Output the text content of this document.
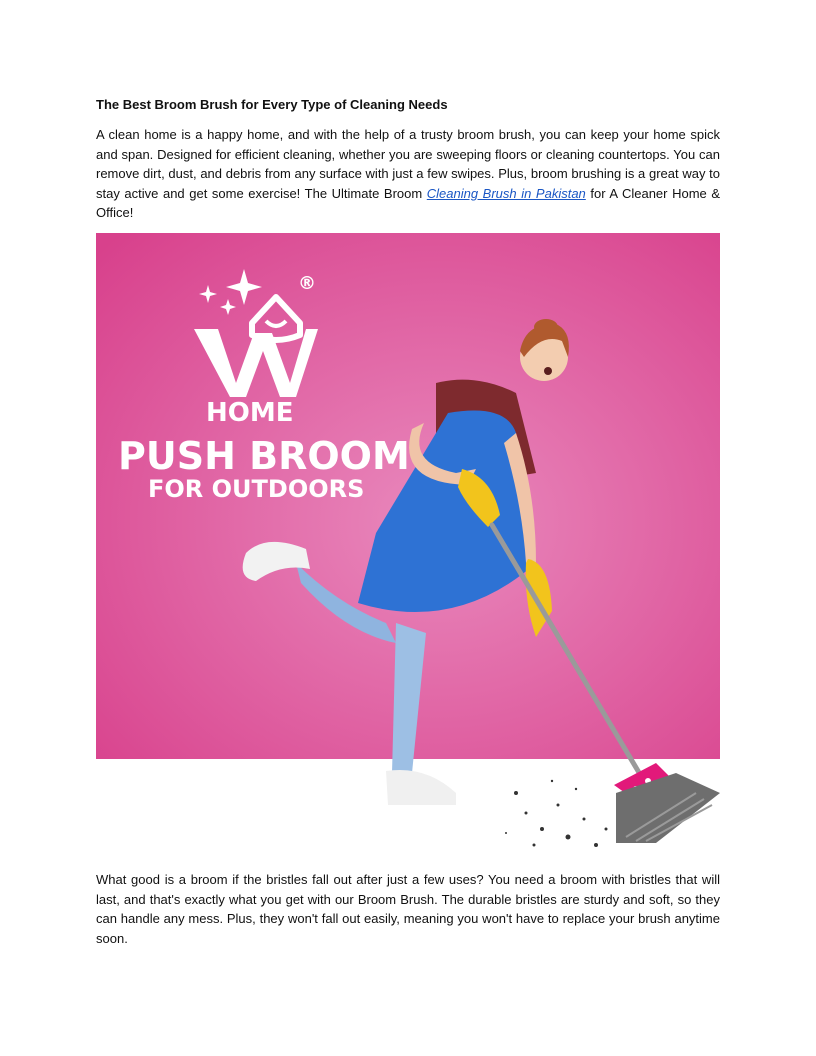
The Best Broom Brush for Every Type of Cleaning Needs

A clean home is a happy home, and with the help of a trusty broom brush, you can keep your home spick and span. Designed for efficient cleaning, whether you are sweeping floors or cleaning countertops. You can remove dirt, dust, and debris from any surface with just a few swipes. Plus, broom brushing is a great way to stay active and get some exercise! The Ultimate Broom Cleaning Brush in Pakistan for A Cleaner Home & Office!

®
HOME
PUSH BROOM
FOR OUTDOORS

What good is a broom if the bristles fall out after just a few uses? You need a broom with bristles that will last, and that's exactly what you get with our Broom Brush. The durable bristles are sturdy and soft, so they can handle any mess. Plus, they won't fall out easily, meaning you won't have to replace your brush anytime soon.
